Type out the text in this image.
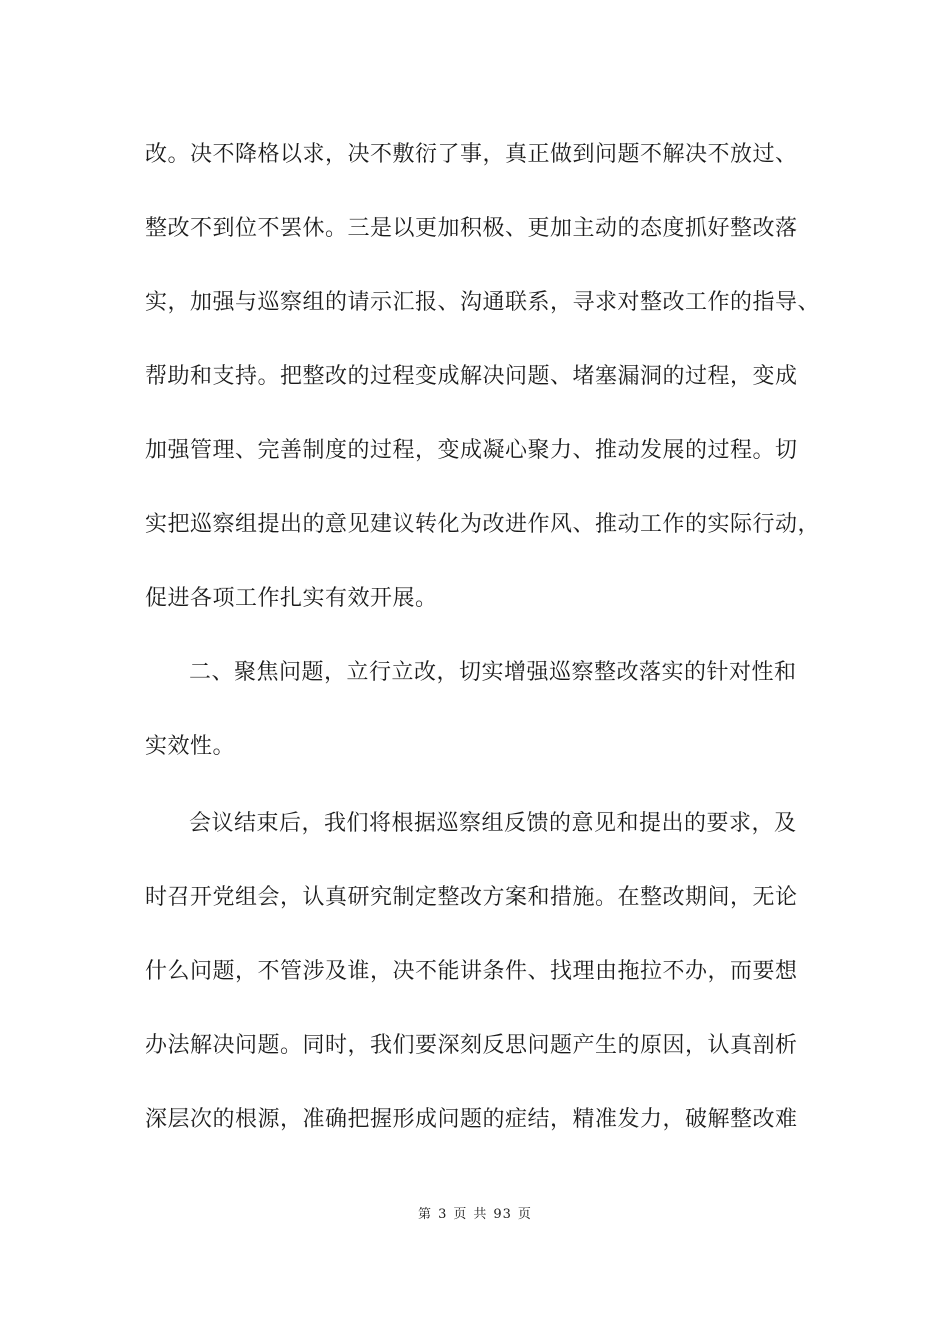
改。决不降格以求，决不敷衍了事，真正做到问题不解决不放过、
整改不到位不罢休。三是以更加积极、更加主动的态度抓好整改落
实，加强与巡察组的请示汇报、沟通联系，寻求对整改工作的指导、
帮助和支持。把整改的过程变成解决问题、堵塞漏洞的过程，变成
加强管理、完善制度的过程，变成凝心聚力、推动发展的过程。切
实把巡察组提出的意见建议转化为改进作风、推动工作的实际行动，
促进各项工作扎实有效开展。
二、聚焦问题，立行立改，切实增强巡察整改落实的针对性和
实效性。
会议结束后，我们将根据巡察组反馈的意见和提出的要求，及
时召开党组会，认真研究制定整改方案和措施。在整改期间，无论
什么问题，不管涉及谁，决不能讲条件、找理由拖拉不办，而要想
办法解决问题。同时，我们要深刻反思问题产生的原因，认真剖析
深层次的根源，准确把握形成问题的症结，精准发力，破解整改难
第 3 页 共 93 页
